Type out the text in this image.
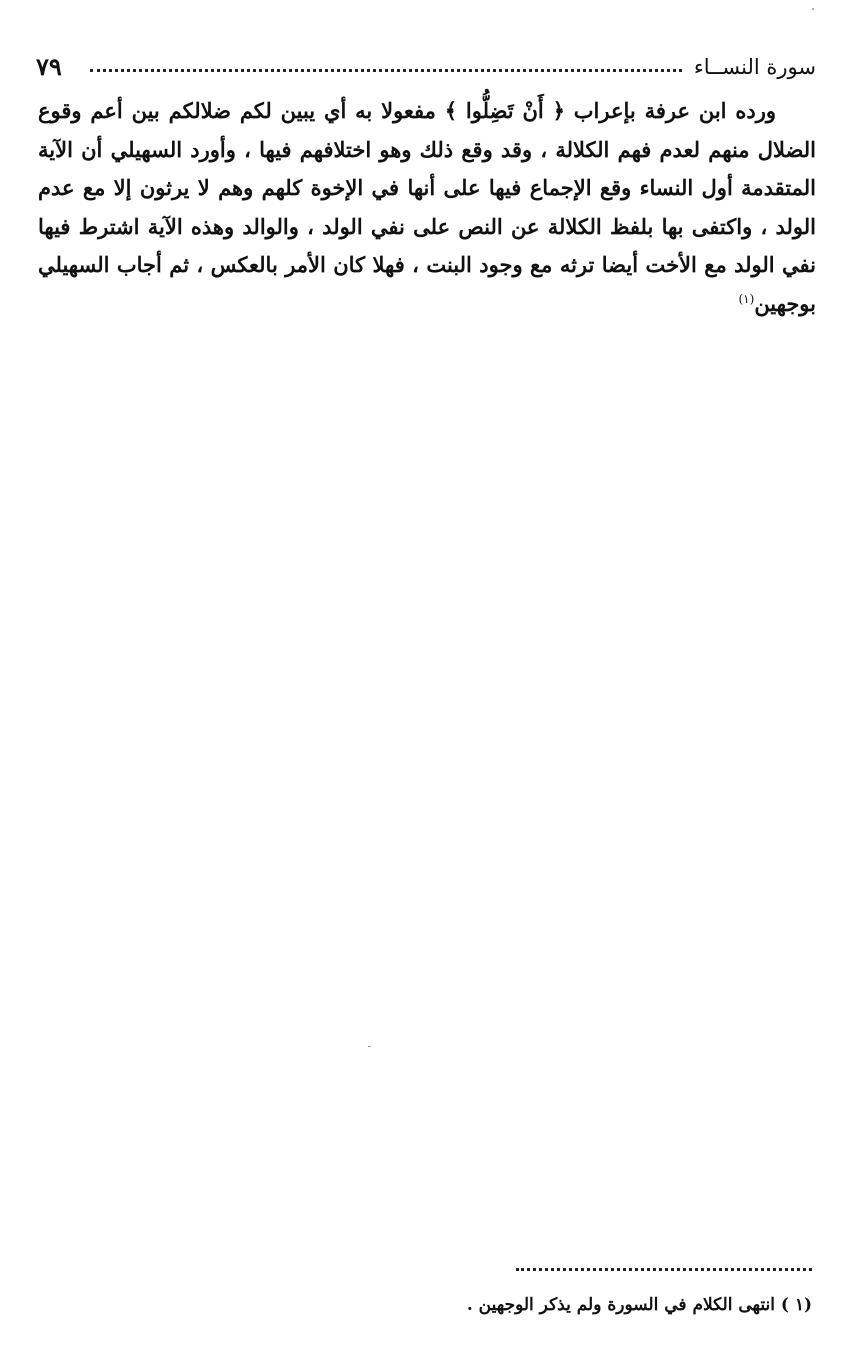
٧٩	سورة النســاء

ورده ابن عرفة بإعراب ﴿ أَنْ تَضِلُّوا ﴾ مفعولا به أي يبين لكم ضلالكم بين أعم وقوع الضلال منهم لعدم فهم الكلالة ، وقد وقع ذلك وهو اختلافهم فيها ، وأورد السهيلي أن الآية المتقدمة أول النساء وقع الإجماع فيها على أنها في الإخوة كلهم وهم لا يرثون إلا مع عدم الولد ، واكتفى بها بلفظ الكلالة عن النص على نفي الولد ، والوالد وهذه الآية اشترط فيها نفي الولد مع الأخت أيضا ترثه مع وجود البنت ، فهلا كان الأمر بالعكس ، ثم أجاب السهيلي بوجهين$^{(١)}$

(١ ) انتهى الكلام في السورة ولم يذكر الوجهين .
